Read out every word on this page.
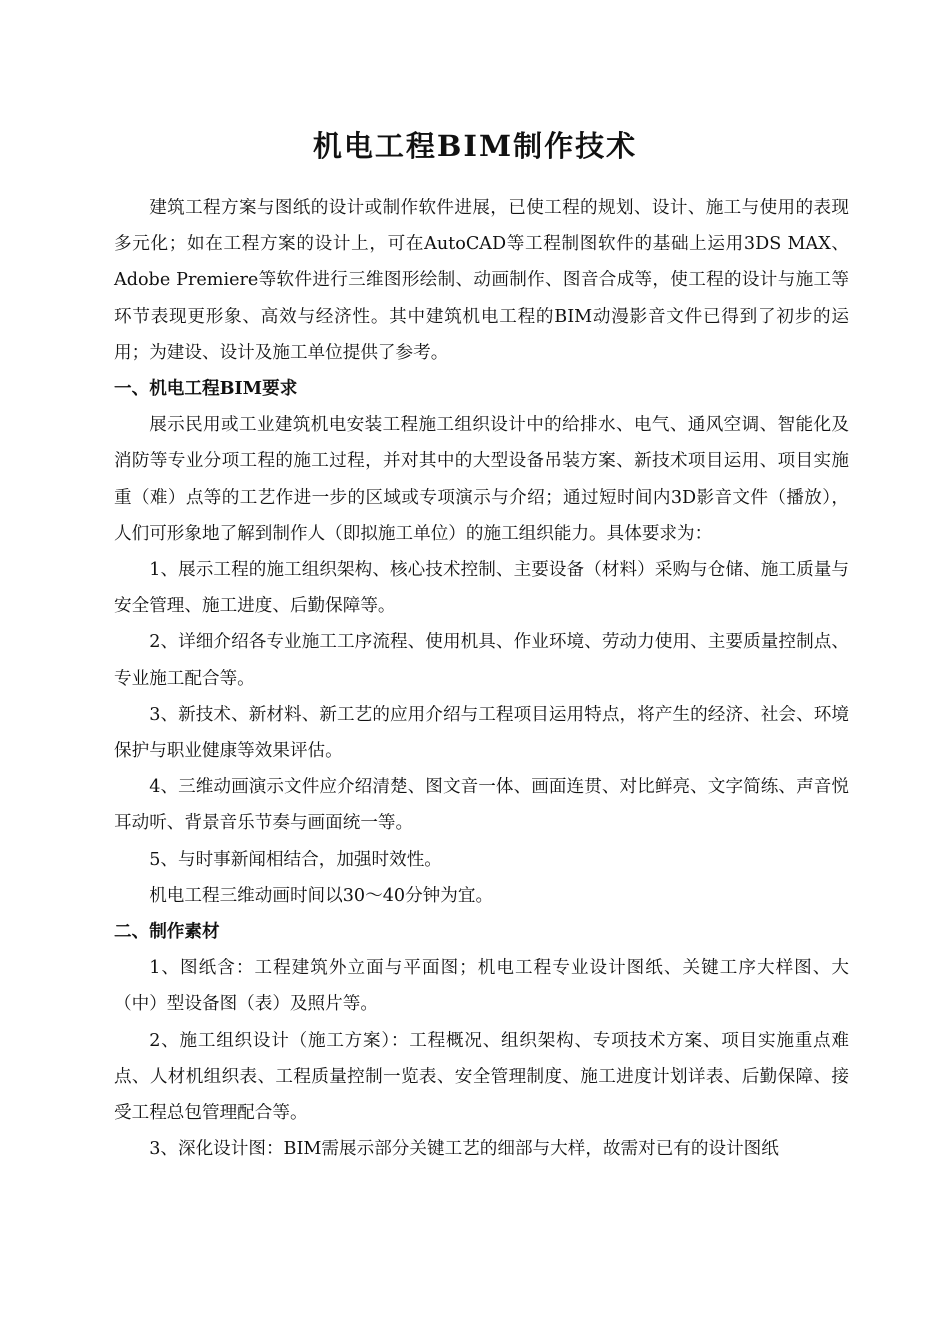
机电工程BIM制作技术

建筑工程方案与图纸的设计或制作软件进展，已使工程的规划、设计、施工与使用的表现多元化；如在工程方案的设计上，可在AutoCAD等工程制图软件的基础上运用3DS MAX、Adobe Premiere等软件进行三维图形绘制、动画制作、图音合成等，使工程的设计与施工等环节表现更形象、高效与经济性。其中建筑机电工程的BIM动漫影音文件已得到了初步的运用；为建设、设计及施工单位提供了参考。

一、机电工程BIM要求

展示民用或工业建筑机电安装工程施工组织设计中的给排水、电气、通风空调、智能化及消防等专业分项工程的施工过程，并对其中的大型设备吊装方案、新技术项目运用、项目实施重（难）点等的工艺作进一步的区域或专项演示与介绍；通过短时间内3D影音文件（播放），人们可形象地了解到制作人（即拟施工单位）的施工组织能力。具体要求为：

1、展示工程的施工组织架构、核心技术控制、主要设备（材料）采购与仓储、施工质量与安全管理、施工进度、后勤保障等。

2、详细介绍各专业施工工序流程、使用机具、作业环境、劳动力使用、主要质量控制点、专业施工配合等。

3、新技术、新材料、新工艺的应用介绍与工程项目运用特点，将产生的经济、社会、环境保护与职业健康等效果评估。

4、三维动画演示文件应介绍清楚、图文音一体、画面连贯、对比鲜亮、文字简练、声音悦耳动听、背景音乐节奏与画面统一等。

5、与时事新闻相结合，加强时效性。

机电工程三维动画时间以30～40分钟为宜。

二、制作素材

1、图纸含：工程建筑外立面与平面图；机电工程专业设计图纸、关键工序大样图、大（中）型设备图（表）及照片等。

2、施工组织设计（施工方案）：工程概况、组织架构、专项技术方案、项目实施重点难点、人材机组织表、工程质量控制一览表、安全管理制度、施工进度计划详表、后勤保障、接受工程总包管理配合等。

3、深化设计图：BIM需展示部分关键工艺的细部与大样，故需对已有的设计图纸
